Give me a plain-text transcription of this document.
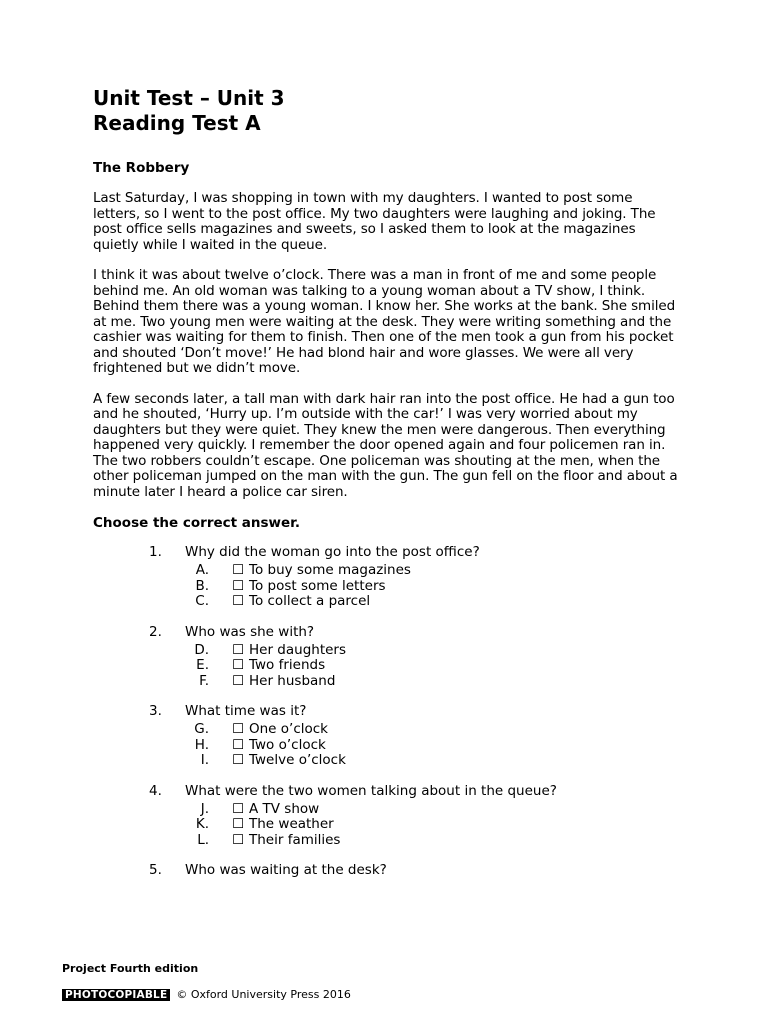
Unit Test – Unit 3
Reading Test A
The Robbery

Last Saturday, I was shopping in town with my daughters. I wanted to post some letters, so I went to the post office. My two daughters were laughing and joking. The post office sells magazines and sweets, so I asked them to look at the magazines quietly while I waited in the queue.

I think it was about twelve o’clock. There was a man in front of me and some people behind me. An old woman was talking to a young woman about a TV show, I think. Behind them there was a young woman. I know her. She works at the bank. She smiled at me. Two young men were waiting at the desk. They were writing something and the cashier was waiting for them to finish. Then one of the men took a gun from his pocket and shouted ‘Don’t move!’ He had blond hair and wore glasses. We were all very frightened but we didn’t move.

A few seconds later, a tall man with dark hair ran into the post office. He had a gun too and he shouted, ‘Hurry up. I’m outside with the car!’ I was very worried about my daughters but they were quiet. They knew the men were dangerous. Then everything happened very quickly. I remember the door opened again and four policemen ran in. The two robbers couldn’t escape. One policeman was shouting at the men, when the other policeman jumped on the man with the gun. The gun fell on the floor and about a minute later I heard a police car siren.

Choose the correct answer.
1.	Why did the woman go into the post office?
A. ☐ To buy some magazines
B. ☐ To post some letters
C. ☐ To collect a parcel
2.	Who was she with?
D. ☐ Her daughters
E. ☐ Two friends
F. ☐ Her husband
3.	What time was it?
G. ☐ One o’clock
H. ☐ Two o’clock
I. ☐ Twelve o’clock
4.	What were the two women talking about in the queue?
J. ☐ A TV show
K. ☐ The weather
L. ☐ Their families
5.	Who was waiting at the desk?
Project Fourth edition
PHOTOCOPIABLE © Oxford University Press 2016
